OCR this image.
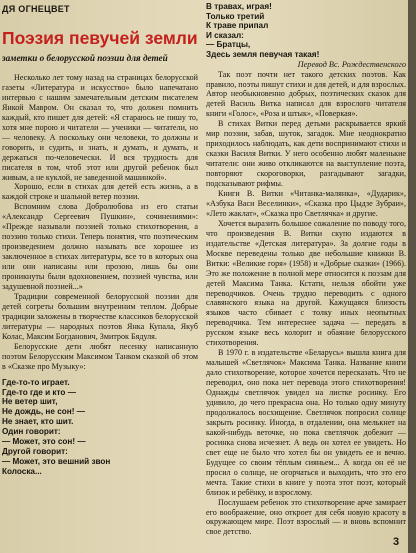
ДЯ ОГНЕЦВЕТ
Поэзия певучей земли
заметки о белорусской поэзии для детей

Несколько лет тому назад на страницах белорусской газеты «Литература и искусство» было напечатано интервью с нашим замечательным детским писателем Янкой Мавром. Он сказал то, что должен помнить каждый, кто пишет для детей: «Я стараюсь не пишу то, хотя мне порою и читатели — ученики — читатели, но — человеку. А поскольку они человеки, то должны и говорить, и судить, и знать, и думать, и думать, и держаться по-человечески. И вся трудность для писателя в том, чтоб этот или другой ребенок был живым, а не куклой, не заведенной машинкой».

Хорошо, если в стихах для детей есть жизнь, а в каждой строке и шальной ветер поэзии.

Вспомним слова Добролюбова из его статьи «Александр Сергеевич Пушкин», сочинениями»: «Прежде называли поэзией только стихотворения, а поэзию только стихи. Теперь понятия, что поэтическим произведением должно называть все хорошее из заключенное в стихах литературы, все то в которых она или они написаны или прозою, лишь бы они проникнуты были вдохновением, поэзией чувства, или задушевной поэзией...»

Традиции современной белорусской поэзии для детей согреты большим внутренним теплом. Добрые традиции заложены в творчестве классиков белорусской литературы — народных поэтов Янка Купала, Якуб Колас, Максим Богданович, Змитрок Бядуля.

Белорусские дети любят песенку написанную поэтом Белорусским Максимом Танком сказкой об этом в «Сказке про Музыку»:

Где-то-то играет.
Где-то где и кто —
Не ветер шит,
Не дождь, не сон! —
Не знает, кто шит.
Один говорит:
— Может, это сон! —
Другой говорит:
— Может, это вешний звон
Колоска...
В травах, играя!
Только третий
К траве припал
И сказал:
— Братцы,
Здесь земля певучая такая!
Перевод Вс. Рождественского

Так поэт почти нет такого детских поэтов. Как правило, поэты пишут стихи и для детей, и для взрослых. Автор необыкновенно добрых, поэтических сказок для детей Василь Витка написал для взрослого читателя книги «Голос», «Роза и штык», «Поверкая».

В стихах Витки перед детьми раскрывается яркий мир поэзии, забав, шуток, загадок. Мне неоднократно приходилось наблюдать, как дети воспринимают стихи и сказки Василя Витки. У него особенно любят маленькие читатели: они живо откликаются на выступление поэта, повторяют скороговорки, разгадывают загадки, подсказывают рифмы.

Книги В. Витки «Читанка-малянка», «Дударик», «Азбука Васи Веселинки», «Сказка про Цыдзе Зубраи», «Лето жаклат», «Сказка про Светлячка» и другие.

Хочется выразить большое сожаление по поводу того, что произведения В. Витки скупо издаются в издательстве «Детская литература». За долгие годы в Москве переведены только две небольшие книжки В. Витки: «Великие горя» (1958) и «Добрые сказки» (1966). Это же положение в полной мере относится к поэзам для детей Максима Танка. Кстати, нельзя обойти уже переводчиков. Очень трудно переводить с одного славянского языка на другой. Кажущаяся близость языков часто сбивает с толку иных неопытных переводчика. Тем интереснее задача — передать в русском языке весь колорит и обаяние белорусского стихотворения.

В 1970 г. в издательстве «Беларусь» вышла книга для малышей «Светлячок» Максима Танка. Название книги дало стихотворение, которое хочется пересказать. Что не переводил, оно пока нет перевода этого стихотворения! Однажды светлячок увидел на листке росинку. Его удивило, до чего прекрасна она. Но только одну минуту продолжалось восхищение. Светлячок попросил солнце закрыть росинку. Иногда, в отдалении, она мелькнет на какой-нибудь веточке, но пока светлячок добежит — росинка снова исчезнет. А ведь он хотел ее увидеть. Но свет еще не было что хотел бы он увидеть ее и вечно. Будущее со своим тёплым сияньем... А когда он её не просил о солнце, не огорчаться и выходить, что это его мечта. Такие стихи в книге у поэта этот поэт, который близок и ребёнку, и взрослому.

Послушаем ребенок это стихотворение арче замирает его воображение, оно откроет для себя новую красоту в окружающем мире. Поэт взрослый — и вновь вспомнит свое детство.

3
